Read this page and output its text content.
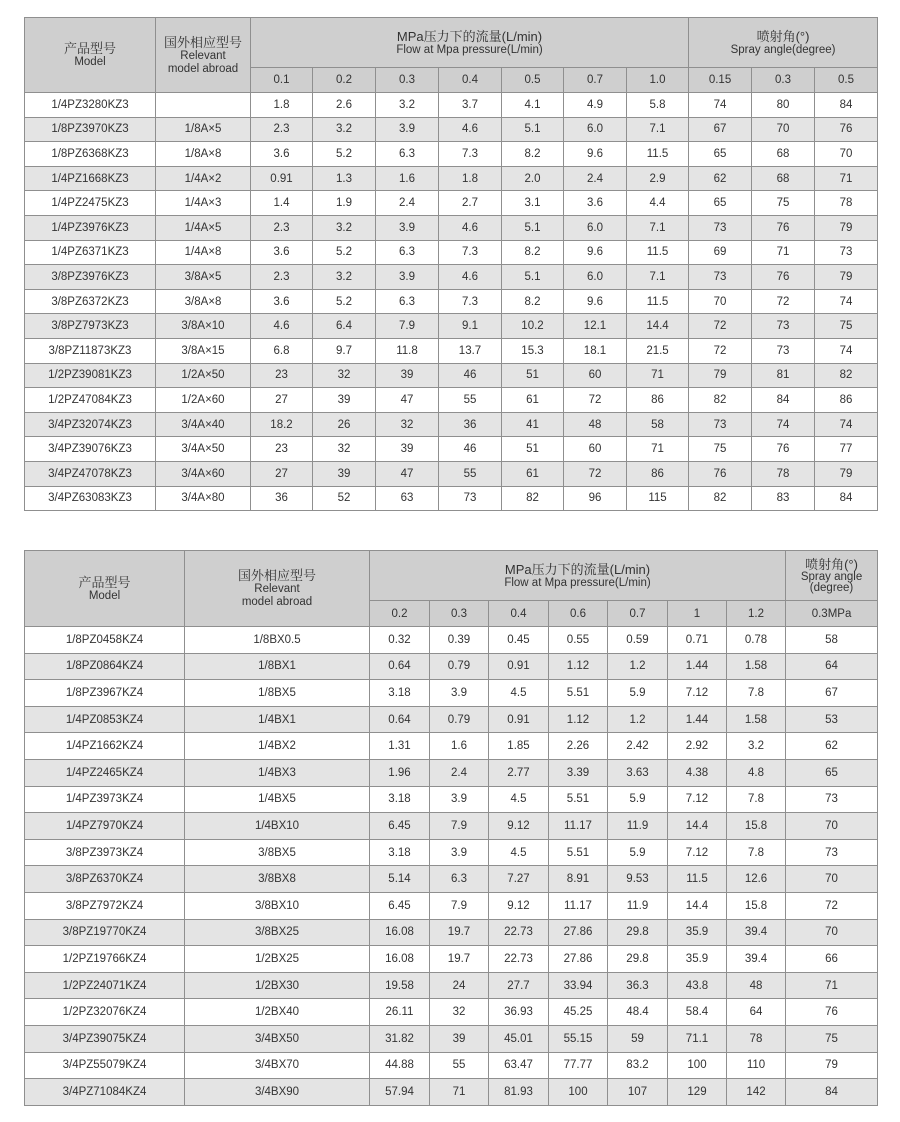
产品型号
Model	国外相应型号
Relevant
model abroad	MPa压力下的流量(L/min)
Flow at Mpa pressure(L/min)							喷射角(°)
Spray angle(degree)		

		0.1	0.2	0.3	0.4	0.5	0.7	1.0	0.15	0.3	0.5
1/4PZ3280KZ3		1.8	2.6	3.2	3.7	4.1	4.9	5.8	74	80	84
1/8PZ3970KZ3	1/8A×5	2.3	3.2	3.9	4.6	5.1	6.0	7.1	67	70	76
1/8PZ6368KZ3	1/8A×8	3.6	5.2	6.3	7.3	8.2	9.6	11.5	65	68	70
1/4PZ1668KZ3	1/4A×2	0.91	1.3	1.6	1.8	2.0	2.4	2.9	62	68	71
1/4PZ2475KZ3	1/4A×3	1.4	1.9	2.4	2.7	3.1	3.6	4.4	65	75	78
1/4PZ3976KZ3	1/4A×5	2.3	3.2	3.9	4.6	5.1	6.0	7.1	73	76	79
1/4PZ6371KZ3	1/4A×8	3.6	5.2	6.3	7.3	8.2	9.6	11.5	69	71	73
3/8PZ3976KZ3	3/8A×5	2.3	3.2	3.9	4.6	5.1	6.0	7.1	73	76	79
3/8PZ6372KZ3	3/8A×8	3.6	5.2	6.3	7.3	8.2	9.6	11.5	70	72	74
3/8PZ7973KZ3	3/8A×10	4.6	6.4	7.9	9.1	10.2	12.1	14.4	72	73	75
3/8PZ11873KZ3	3/8A×15	6.8	9.7	11.8	13.7	15.3	18.1	21.5	72	73	74
1/2PZ39081KZ3	1/2A×50	23	32	39	46	51	60	71	79	81	82
1/2PZ47084KZ3	1/2A×60	27	39	47	55	61	72	86	82	84	86
3/4PZ32074KZ3	3/4A×40	18.2	26	32	36	41	48	58	73	74	74
3/4PZ39076KZ3	3/4A×50	23	32	39	46	51	60	71	75	76	77
3/4PZ47078KZ3	3/4A×60	27	39	47	55	61	72	86	76	78	79
3/4PZ63083KZ3	3/4A×80	36	52	63	73	82	96	115	82	83	84
产品型号
Model	国外相应型号
Relevant
model abroad	MPa压力下的流量(L/min)
Flow at Mpa pressure(L/min)							喷射角(°)
Spray angle
(degree)

		0.2	0.3	0.4	0.6	0.7	1	1.2	0.3MPa
1/8PZ0458KZ4	1/8BX0.5	0.32	0.39	0.45	0.55	0.59	0.71	0.78	58
1/8PZ0864KZ4	1/8BX1	0.64	0.79	0.91	1.12	1.2	1.44	1.58	64
1/8PZ3967KZ4	1/8BX5	3.18	3.9	4.5	5.51	5.9	7.12	7.8	67
1/4PZ0853KZ4	1/4BX1	0.64	0.79	0.91	1.12	1.2	1.44	1.58	53
1/4PZ1662KZ4	1/4BX2	1.31	1.6	1.85	2.26	2.42	2.92	3.2	62
1/4PZ2465KZ4	1/4BX3	1.96	2.4	2.77	3.39	3.63	4.38	4.8	65
1/4PZ3973KZ4	1/4BX5	3.18	3.9	4.5	5.51	5.9	7.12	7.8	73
1/4PZ7970KZ4	1/4BX10	6.45	7.9	9.12	11.17	11.9	14.4	15.8	70
3/8PZ3973KZ4	3/8BX5	3.18	3.9	4.5	5.51	5.9	7.12	7.8	73
3/8PZ6370KZ4	3/8BX8	5.14	6.3	7.27	8.91	9.53	11.5	12.6	70
3/8PZ7972KZ4	3/8BX10	6.45	7.9	9.12	11.17	11.9	14.4	15.8	72
3/8PZ19770KZ4	3/8BX25	16.08	19.7	22.73	27.86	29.8	35.9	39.4	70
1/2PZ19766KZ4	1/2BX25	16.08	19.7	22.73	27.86	29.8	35.9	39.4	66
1/2PZ24071KZ4	1/2BX30	19.58	24	27.7	33.94	36.3	43.8	48	71
1/2PZ32076KZ4	1/2BX40	26.11	32	36.93	45.25	48.4	58.4	64	76
3/4PZ39075KZ4	3/4BX50	31.82	39	45.01	55.15	59	71.1	78	75
3/4PZ55079KZ4	3/4BX70	44.88	55	63.47	77.77	83.2	100	110	79
3/4PZ71084KZ4	3/4BX90	57.94	71	81.93	100	107	129	142	84
